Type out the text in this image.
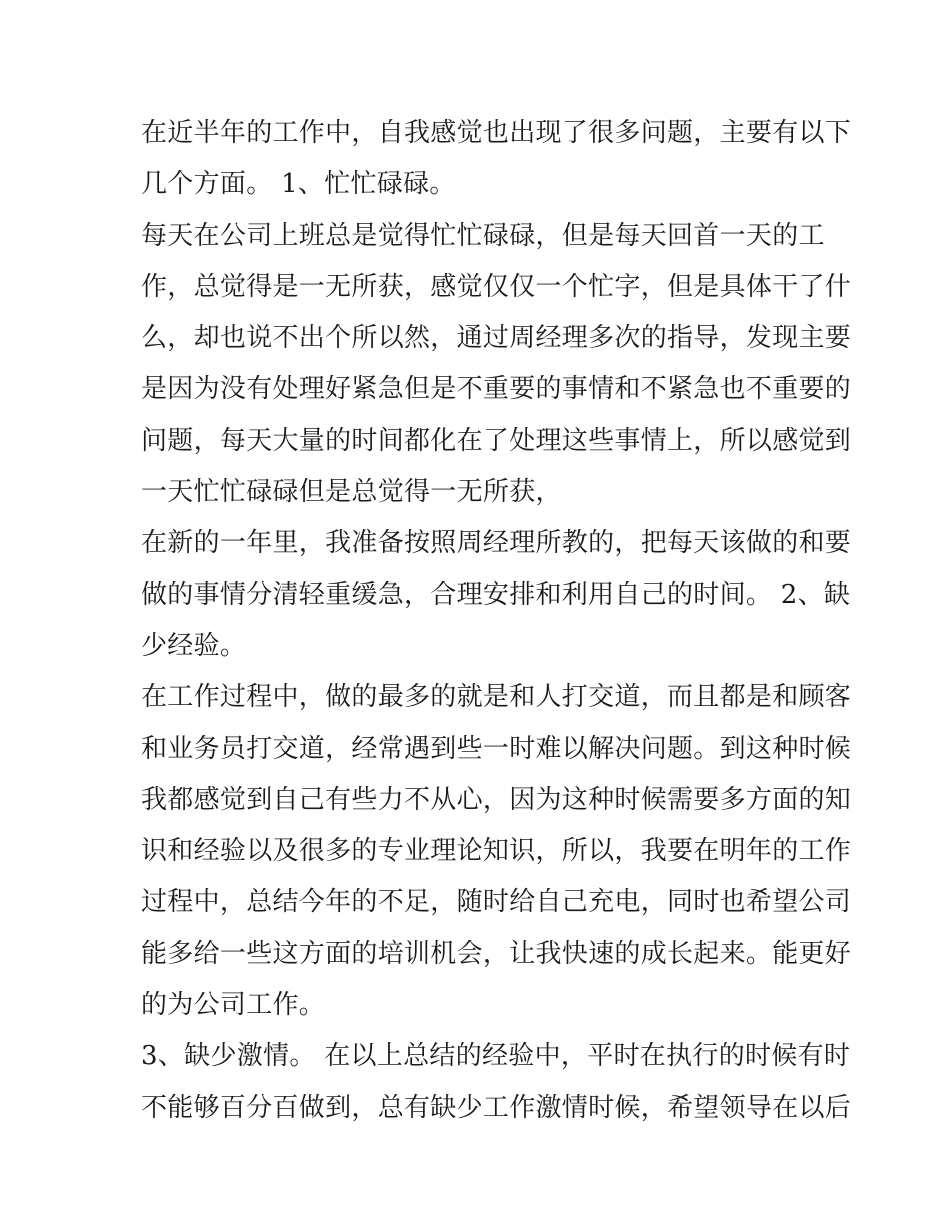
在近半年的工作中，自我感觉也出现了很多问题，主要有以下
几个方面。 1、忙忙碌碌。
每天在公司上班总是觉得忙忙碌碌，但是每天回首一天的工
作，总觉得是一无所获，感觉仅仅一个忙字，但是具体干了什
么，却也说不出个所以然，通过周经理多次的指导，发现主要
是因为没有处理好紧急但是不重要的事情和不紧急也不重要的
问题，每天大量的时间都化在了处理这些事情上，所以感觉到
一天忙忙碌碌但是总觉得一无所获，
在新的一年里，我准备按照周经理所教的，把每天该做的和要
做的事情分清轻重缓急，合理安排和利用自己的时间。 2、缺
少经验。
在工作过程中，做的最多的就是和人打交道，而且都是和顾客
和业务员打交道，经常遇到些一时难以解决问题。到这种时候
我都感觉到自己有些力不从心，因为这种时候需要多方面的知
识和经验以及很多的专业理论知识，所以，我要在明年的工作
过程中，总结今年的不足，随时给自己充电，同时也希望公司
能多给一些这方面的培训机会，让我快速的成长起来。能更好
的为公司工作。
3、缺少激情。 在以上总结的经验中，平时在执行的时候有时
不能够百分百做到，总有缺少工作激情时候，希望领导在以后
